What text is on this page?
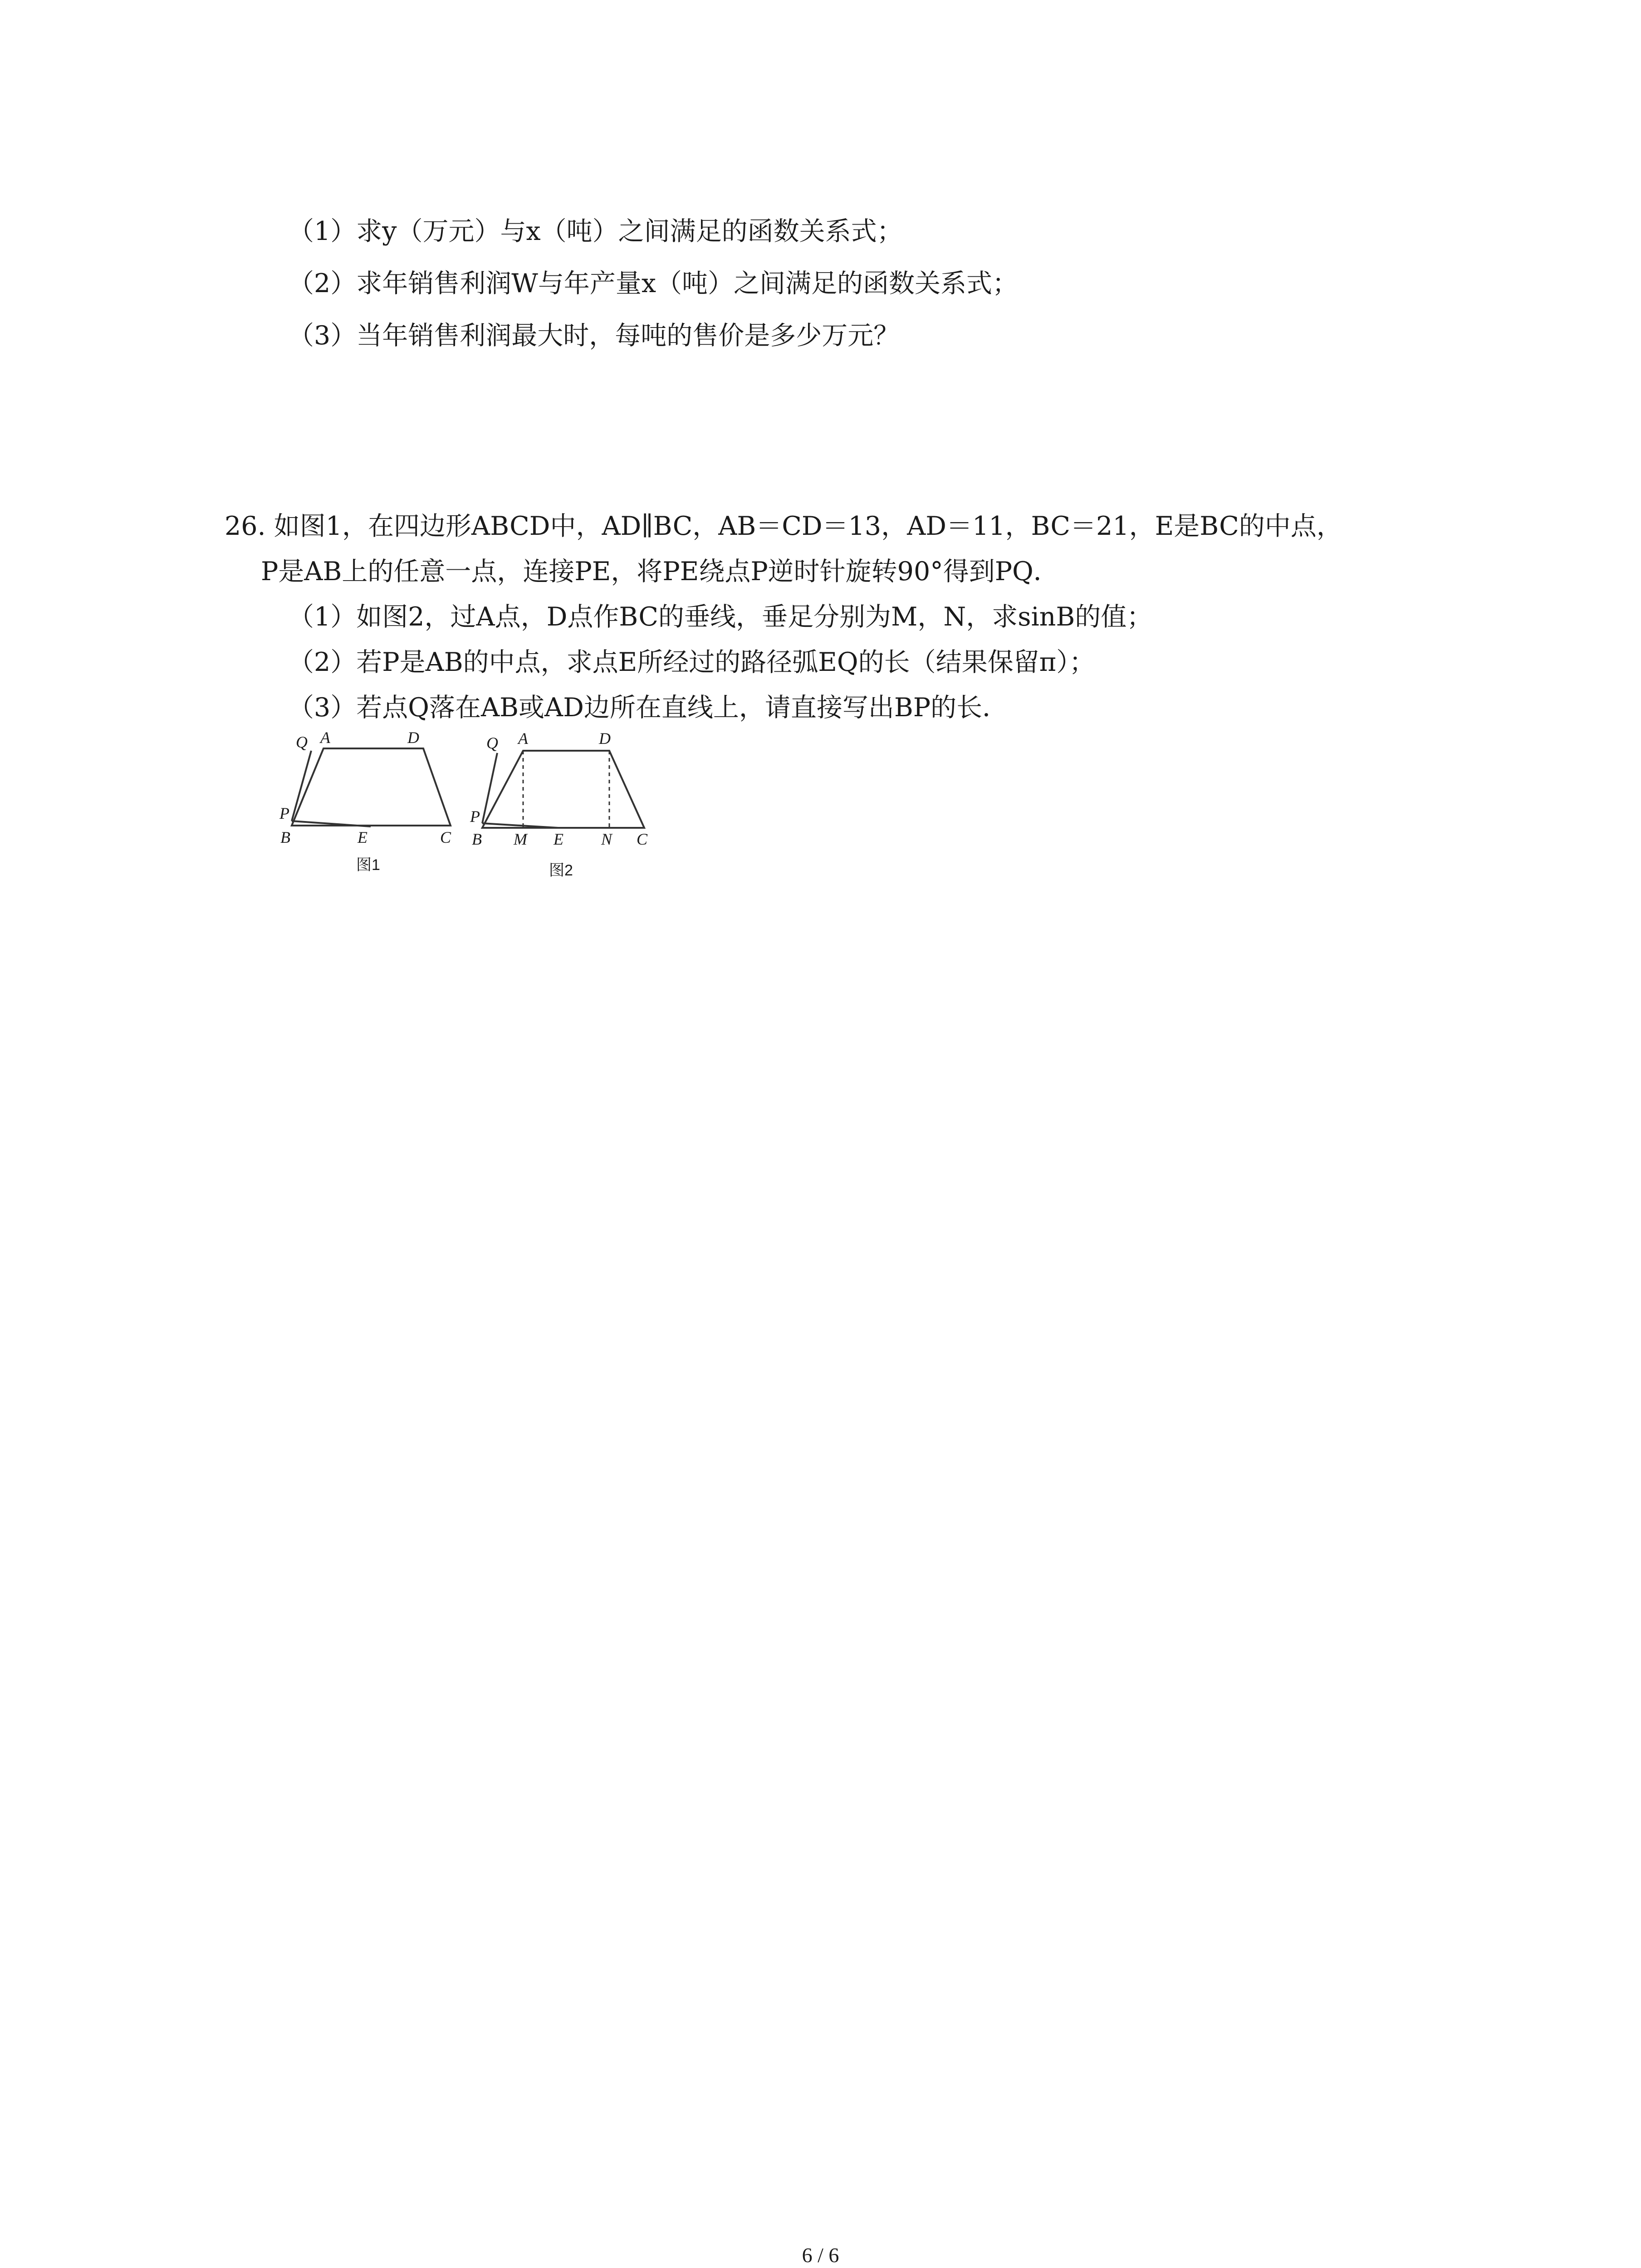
（1）求y（万元）与x（吨）之间满足的函数关系式；
（2）求年销售利润W与年产量x（吨）之间满足的函数关系式；
（3）当年销售利润最大时，每吨的售价是多少万元？
26. 如图1，在四边形ABCD中，AD∥BC，AB＝CD＝13，AD＝11，BC＝21，E是BC的中点，
P是AB上的任意一点，连接PE，将PE绕点P逆时针旋转90°得到PQ．
（1）如图2，过A点，D点作BC的垂线，垂足分别为M，N，求sinB的值；
（2）若P是AB的中点，求点E所经过的路径弧EQ的长（结果保留π）；
（3）若点Q落在AB或AD边所在直线上，请直接写出BP的长．
Q A	D
P
B	E	C
图1
Q A	D
P
B M E N C
图2
6 / 6
